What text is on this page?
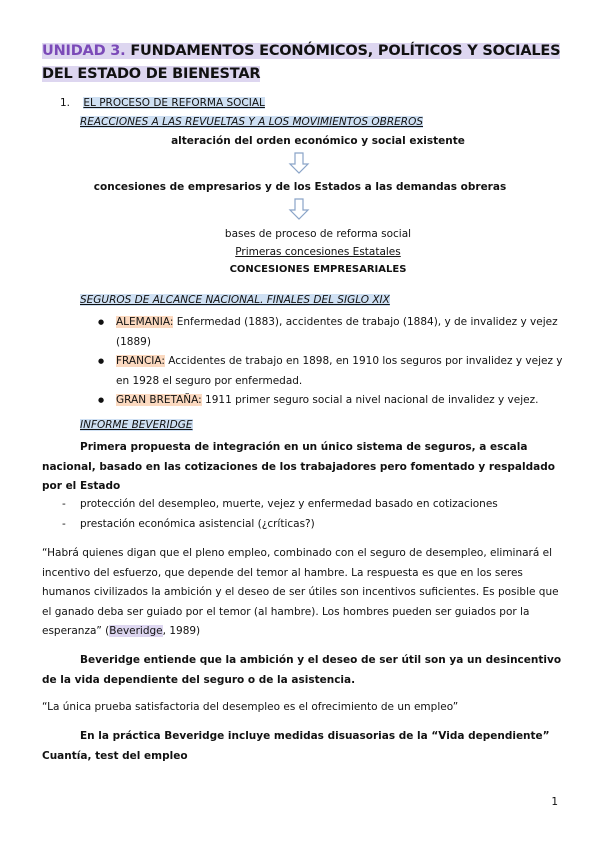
UNIDAD 3. FUNDAMENTOS ECONÓMICOS, POLÍTICOS Y SOCIALES DEL ESTADO DE BIENESTAR
1. EL PROCESO DE REFORMA SOCIAL
REACCIONES A LAS REVUELTAS Y A LOS MOVIMIENTOS OBREROS
alteración del orden económico y social existente
concesiones de empresarios y de los Estados a las demandas obreras
bases de proceso de reforma social
Primeras concesiones Estatales
CONCESIONES EMPRESARIALES
SEGUROS DE ALCANCE NACIONAL. FINALES DEL SIGLO XIX
● ALEMANIA: Enfermedad (1883), accidentes de trabajo (1884), y de invalidez y vejez (1889)
● FRANCIA: Accidentes de trabajo en 1898, en 1910 los seguros por invalidez y vejez y en 1928 el seguro por enfermedad.
● GRAN BRETAÑA: 1911 primer seguro social a nivel nacional de invalidez y vejez.
INFORME BEVERIDGE
Primera propuesta de integración en un único sistema de seguros, a escala nacional, basado en las cotizaciones de los trabajadores pero fomentado y respaldado por el Estado
- protección del desempleo, muerte, vejez y enfermedad basado en cotizaciones
- prestación económica asistencial (¿críticas?)
“Habrá quienes digan que el pleno empleo, combinado con el seguro de desempleo, eliminará el incentivo del esfuerzo, que depende del temor al hambre. La respuesta es que en los seres humanos civilizados la ambición y el deseo de ser útiles son incentivos suficientes. Es posible que el ganado deba ser guiado por el temor (al hambre). Los hombres pueden ser guiados por la esperanza” (Beveridge, 1989)
Beveridge entiende que la ambición y el deseo de ser útil son ya un desincentivo de la vida dependiente del seguro o de la asistencia.
“La única prueba satisfactoria del desempleo es el ofrecimiento de un empleo”
En la práctica Beveridge incluye medidas disuasorias de la “Vida dependiente” Cuantía, test del empleo
1
